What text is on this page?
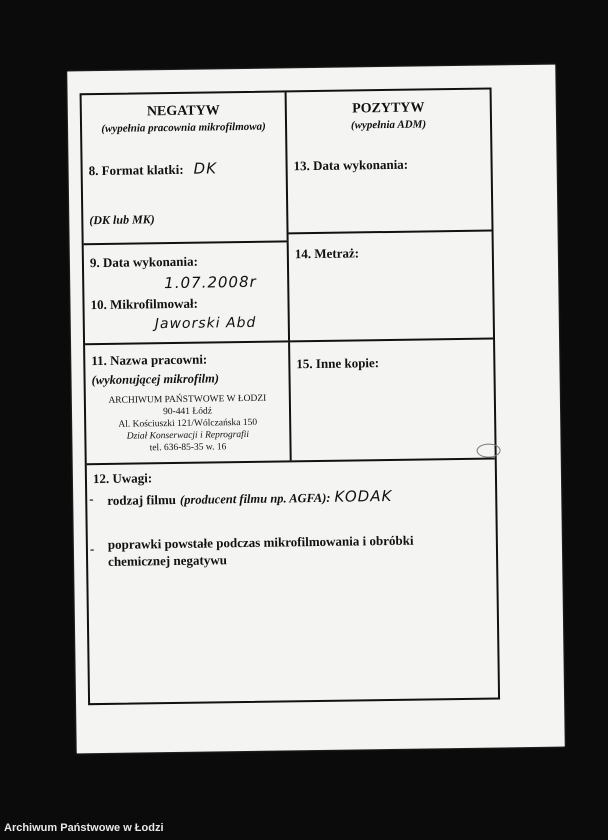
NEGATYW
(wypełnia pracownia mikrofilmowa)
8. Format klatki: DK
(DK lub MK)
9. Data wykonania:
1.07.2008r
10. Mikrofilmował:
Jaworski Abd
11. Nazwa pracowni:
(wykonującej mikrofilm)
ARCHIWUM PAŃSTWOWE W ŁODZI
90-441 Łódź
Al. Kościuszki 121/Wólczańska 150
Dział Konserwacji i Reprografii
tel. 636-85-35 w. 16
POZYTYW
(wypełnia ADM)
13. Data wykonania:
14. Metraż:
15. Inne kopie:
12. Uwagi:
- rodzaj filmu (producent filmu np. AGFA): KODAK
- poprawki powstałe podczas mikrofilmowania i obróbki
chemicznej negatywu
Archiwum Państwowe w Łodzi
